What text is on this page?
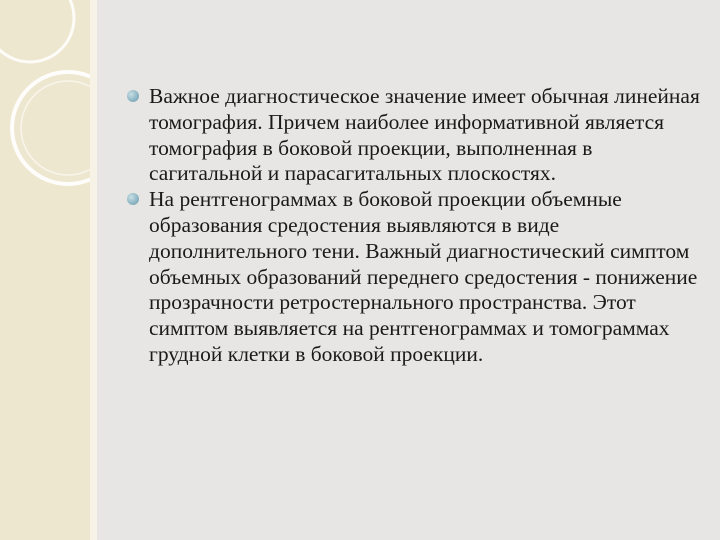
Важное диагностическое значение имеет обычная линейная томография. Причем наиболее информативной является томография в боковой проекции, выполненная в сагитальной и парасагитальных плоскостях.
На рентгенограммах в боковой проекции объемные образования средостения выявляются в виде дополнительного тени. Важный диагностический симптом объемных образований переднего средостения - понижение прозрачности ретростернального пространства. Этот симптом выявляется на рентгенограммах и томограммах грудной клетки в боковой проекции.
